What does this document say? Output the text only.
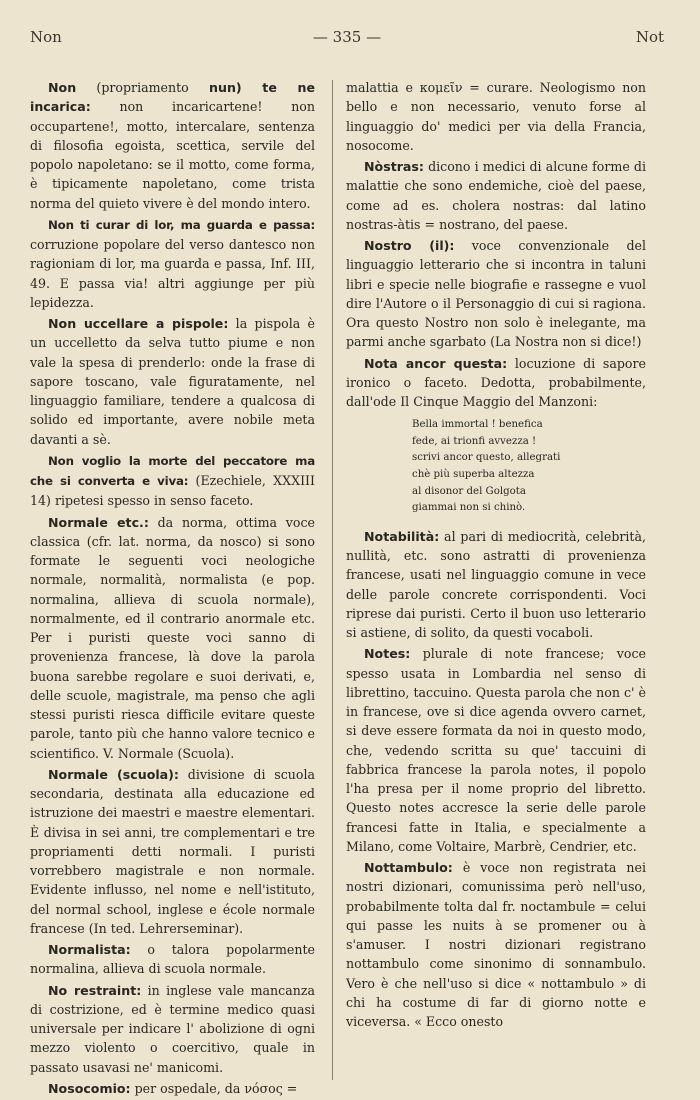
Non	— 335 —	Not

Non (propriamento nun) te ne incarica: non incaricartene! non occupartene!, motto, intercalare, sentenza di filosofia egoista, scettica, servile del popolo napoletano: se il motto, come forma, è tipicamente napoletano, come trista norma del quieto vivere è del mondo intero.

Non ti curar di lor, ma guarda e passa: corruzione popolare del verso dantesco non ragioniam di lor, ma guarda e passa, Inf. III, 49. E passa via! altri aggiunge per più lepidezza.

Non uccellare a pispole: la pispola è un uccelletto da selva tutto piume e non vale la spesa di prenderlo: onde la frase di sapore toscano, vale figuratamente, nel linguaggio familiare, tendere a qualcosa di solido ed importante, avere nobile meta davanti a sè.

Non voglio la morte del peccatore ma che si converta e viva: (Ezechiele, XXXIII 14) ripetesi spesso in senso faceto.

Normale etc.: da norma, ottima voce classica (cfr. lat. norma, da nosco) si sono formate le seguenti voci neologiche normale, normalità, normalista (e pop. normalina, allieva di scuola normale), normalmente, ed il contrario anormale etc. Per i puristi queste voci sanno di provenienza francese, là dove la parola buona sarebbe regolare e suoi derivati, e, delle scuole, magistrale, ma penso che agli stessi puristi riesca difficile evitare queste parole, tanto più che hanno valore tecnico e scientifico. V. Normale (Scuola).

Normale (scuola): divisione di scuola secondaria, destinata alla educazione ed istruzione dei maestri e maestre elementari. È divisa in sei anni, tre complementari e tre propriamenti detti normali. I puristi vorrebbero magistrale e non normale. Evidente influsso, nel nome e nell'istituto, del normal school, inglese e école normale francese (In ted. Lehrerseminar).

Normalista: o talora popolarmente normalina, allieva di scuola normale.

No restraint: in inglese vale mancanza di costrizione, ed è termine medico quasi universale per indicare l' abolizione di ogni mezzo violento o coercitivo, quale in passato usavasi ne' manicomi.

Nosocomio: per ospedale, da νόσος =

malattia e κομεῖν = curare. Neologismo non bello e non necessario, venuto forse al linguaggio do' medici per via della Francia, nosocome.

Nòstras: dicono i medici di alcune forme di malattie che sono endemiche, cioè del paese, come ad es. cholera nostras: dal latino nostras-àtis = nostrano, del paese.

Nostro (il): voce convenzionale del linguaggio letterario che si incontra in taluni libri e specie nelle biografie e rassegne e vuol dire l'Autore o il Personaggio di cui si ragiona. Ora questo Nostro non solo è inelegante, ma parmi anche sgarbato (La Nostra non si dice!)

Nota ancor questa: locuzione di sapore ironico o faceto. Dedotta, probabilmente, dall'ode Il Cinque Maggio del Manzoni:

Bella immortal ! benefica
fede, ai trionfi avvezza !
scrivi ancor questo, allegrati
chè più superba altezza
al disonor del Golgota
giammai non si chinò.

Notabilità: al pari di mediocrità, celebrità, nullità, etc. sono astratti di provenienza francese, usati nel linguaggio comune in vece delle parole concrete corrispondenti. Voci riprese dai puristi. Certo il buon uso letterario si astiene, di solito, da questi vocaboli.

Notes: plurale di note francese; voce spesso usata in Lombardia nel senso di librettino, taccuino. Questa parola che non c' è in francese, ove si dice agenda ovvero carnet, si deve essere formata da noi in questo modo, che, vedendo scritta su que' taccuini di fabbrica francese la parola notes, il popolo l'ha presa per il nome proprio del libretto. Questo notes accresce la serie delle parole francesi fatte in Italia, e specialmente a Milano, come Voltaire, Marbrè, Cendrier, etc.

Nottambulo: è voce non registrata nei nostri dizionari, comunissima però nell'uso, probabilmente tolta dal fr. noctambule = celui qui passe les nuits à se promener ou à s'amuser. I nostri dizionari registrano nottambulo come sinonimo di sonnambulo. Vero è che nell'uso si dice « nottambulo » di chi ha costume di far di giorno notte e viceversa. « Ecco onesto
